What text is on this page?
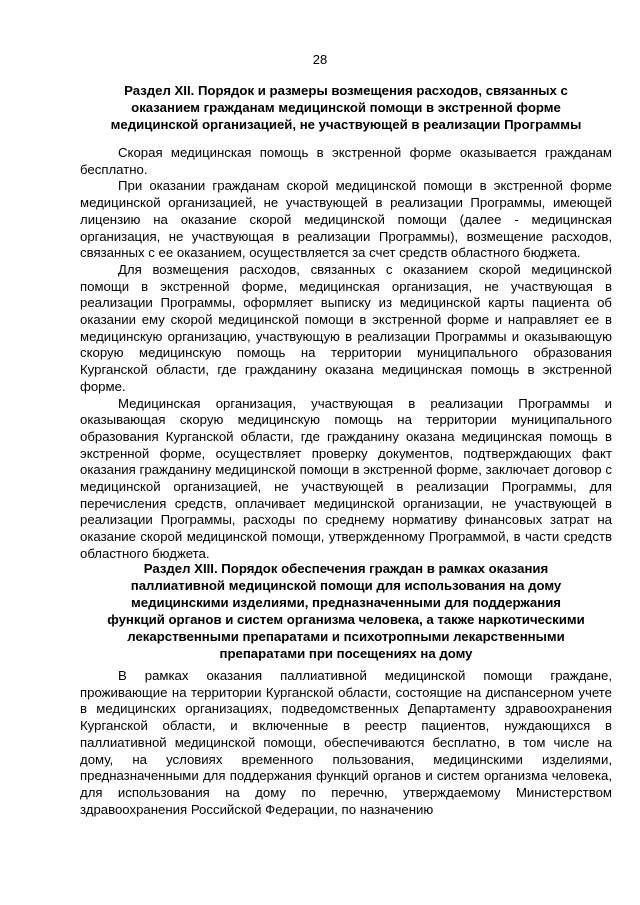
28
Раздел XII. Порядок и размеры возмещения расходов, связанных с
оказанием гражданам медицинской помощи в экстренной форме
медицинской организацией, не участвующей в реализации Программы

Скорая медицинская помощь в экстренной форме оказывается гражданам бесплатно.

При оказании гражданам скорой медицинской помощи в экстренной форме медицинской организацией, не участвующей в реализации Программы, имеющей лицензию на оказание скорой медицинской помощи (далее - медицинская организация, не участвующая в реализации Программы), возмещение расходов, связанных с ее оказанием, осуществляется за счет средств областного бюджета.

Для возмещения расходов, связанных с оказанием скорой медицинской помощи в экстренной форме, медицинская организация, не участвующая в реализации Программы, оформляет выписку из медицинской карты пациента об оказании ему скорой медицинской помощи в экстренной форме и направляет ее в медицинскую организацию, участвующую в реализации Программы и оказывающую скорую медицинскую помощь на территории муниципального образования Курганской области, где гражданину оказана медицинская помощь в экстренной форме.

Медицинская организация, участвующая в реализации Программы и оказывающая скорую медицинскую помощь на территории муниципального образования Курганской области, где гражданину оказана медицинская помощь в экстренной форме, осуществляет проверку документов, подтверждающих факт оказания гражданину медицинской помощи в экстренной форме, заключает договор с медицинской организацией, не участвующей в реализации Программы, для перечисления средств, оплачивает медицинской организации, не участвующей в реализации Программы, расходы по среднему нормативу финансовых затрат на оказание скорой медицинской помощи, утвержденному Программой, в части средств областного бюджета.

Раздел XIII. Порядок обеспечения граждан в рамках оказания
паллиативной медицинской помощи для использования на дому
медицинскими изделиями, предназначенными для поддержания
функций органов и систем организма человека, а также наркотическими
лекарственными препаратами и психотропными лекарственными
препаратами при посещениях на дому

В рамках оказания паллиативной медицинской помощи граждане, проживающие на территории Курганской области, состоящие на диспансерном учете в медицинских организациях, подведомственных Департаменту здравоохранения Курганской области, и включенные в реестр пациентов, нуждающихся в паллиативной медицинской помощи, обеспечиваются бесплатно, в том числе на дому, на условиях временного пользования, медицинскими изделиями, предназначенными для поддержания функций органов и систем организма человека, для использования на дому по перечню, утверждаемому Министерством здравоохранения Российской Федерации, по назначению
